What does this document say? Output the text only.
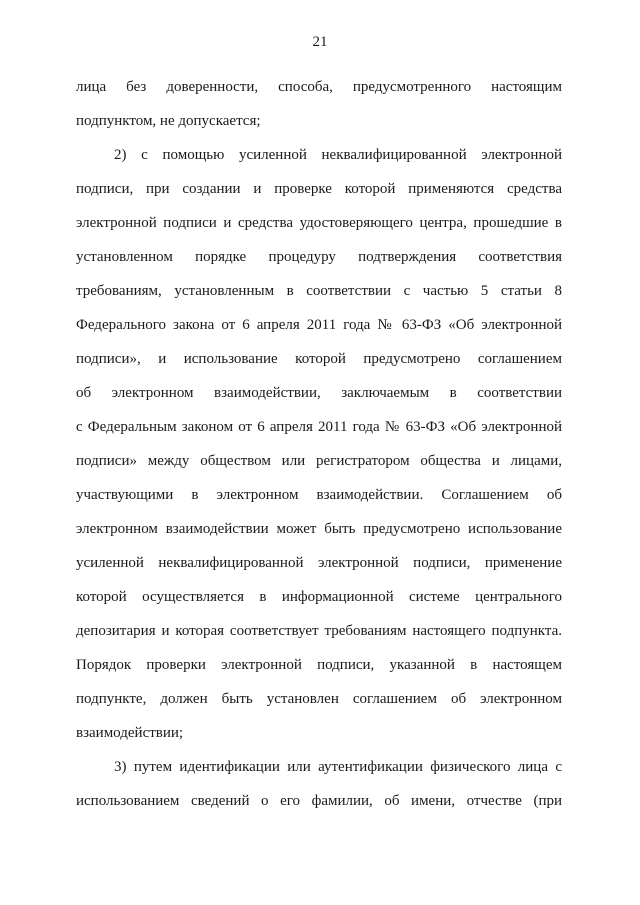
21
лица без доверенности, способа, предусмотренного настоящим
подпунктом, не допускается;
2) с помощью усиленной неквалифицированной электронной
подписи, при создании и проверке которой применяются средства
электронной подписи и средства удостоверяющего центра, прошедшие в
установленном порядке процедуру подтверждения соответствия
требованиям, установленным в соответствии с частью 5 статьи 8
Федерального закона от 6 апреля 2011 года № 63-ФЗ «Об электронной
подписи», и использование которой предусмотрено соглашением
об электронном взаимодействии, заключаемым в соответствии
с Федеральным законом от 6 апреля 2011 года № 63-ФЗ «Об электронной
подписи» между обществом или регистратором общества и лицами,
участвующими в электронном взаимодействии. Соглашением об
электронном взаимодействии может быть предусмотрено использование
усиленной неквалифицированной электронной подписи, применение
которой осуществляется в информационной системе центрального
депозитария и которая соответствует требованиям настоящего подпункта.
Порядок проверки электронной подписи, указанной в настоящем
подпункте, должен быть установлен соглашением об электронном
взаимодействии;
3) путем идентификации или аутентификации физического лица с
использованием сведений о его фамилии, об имени, отчестве (при
